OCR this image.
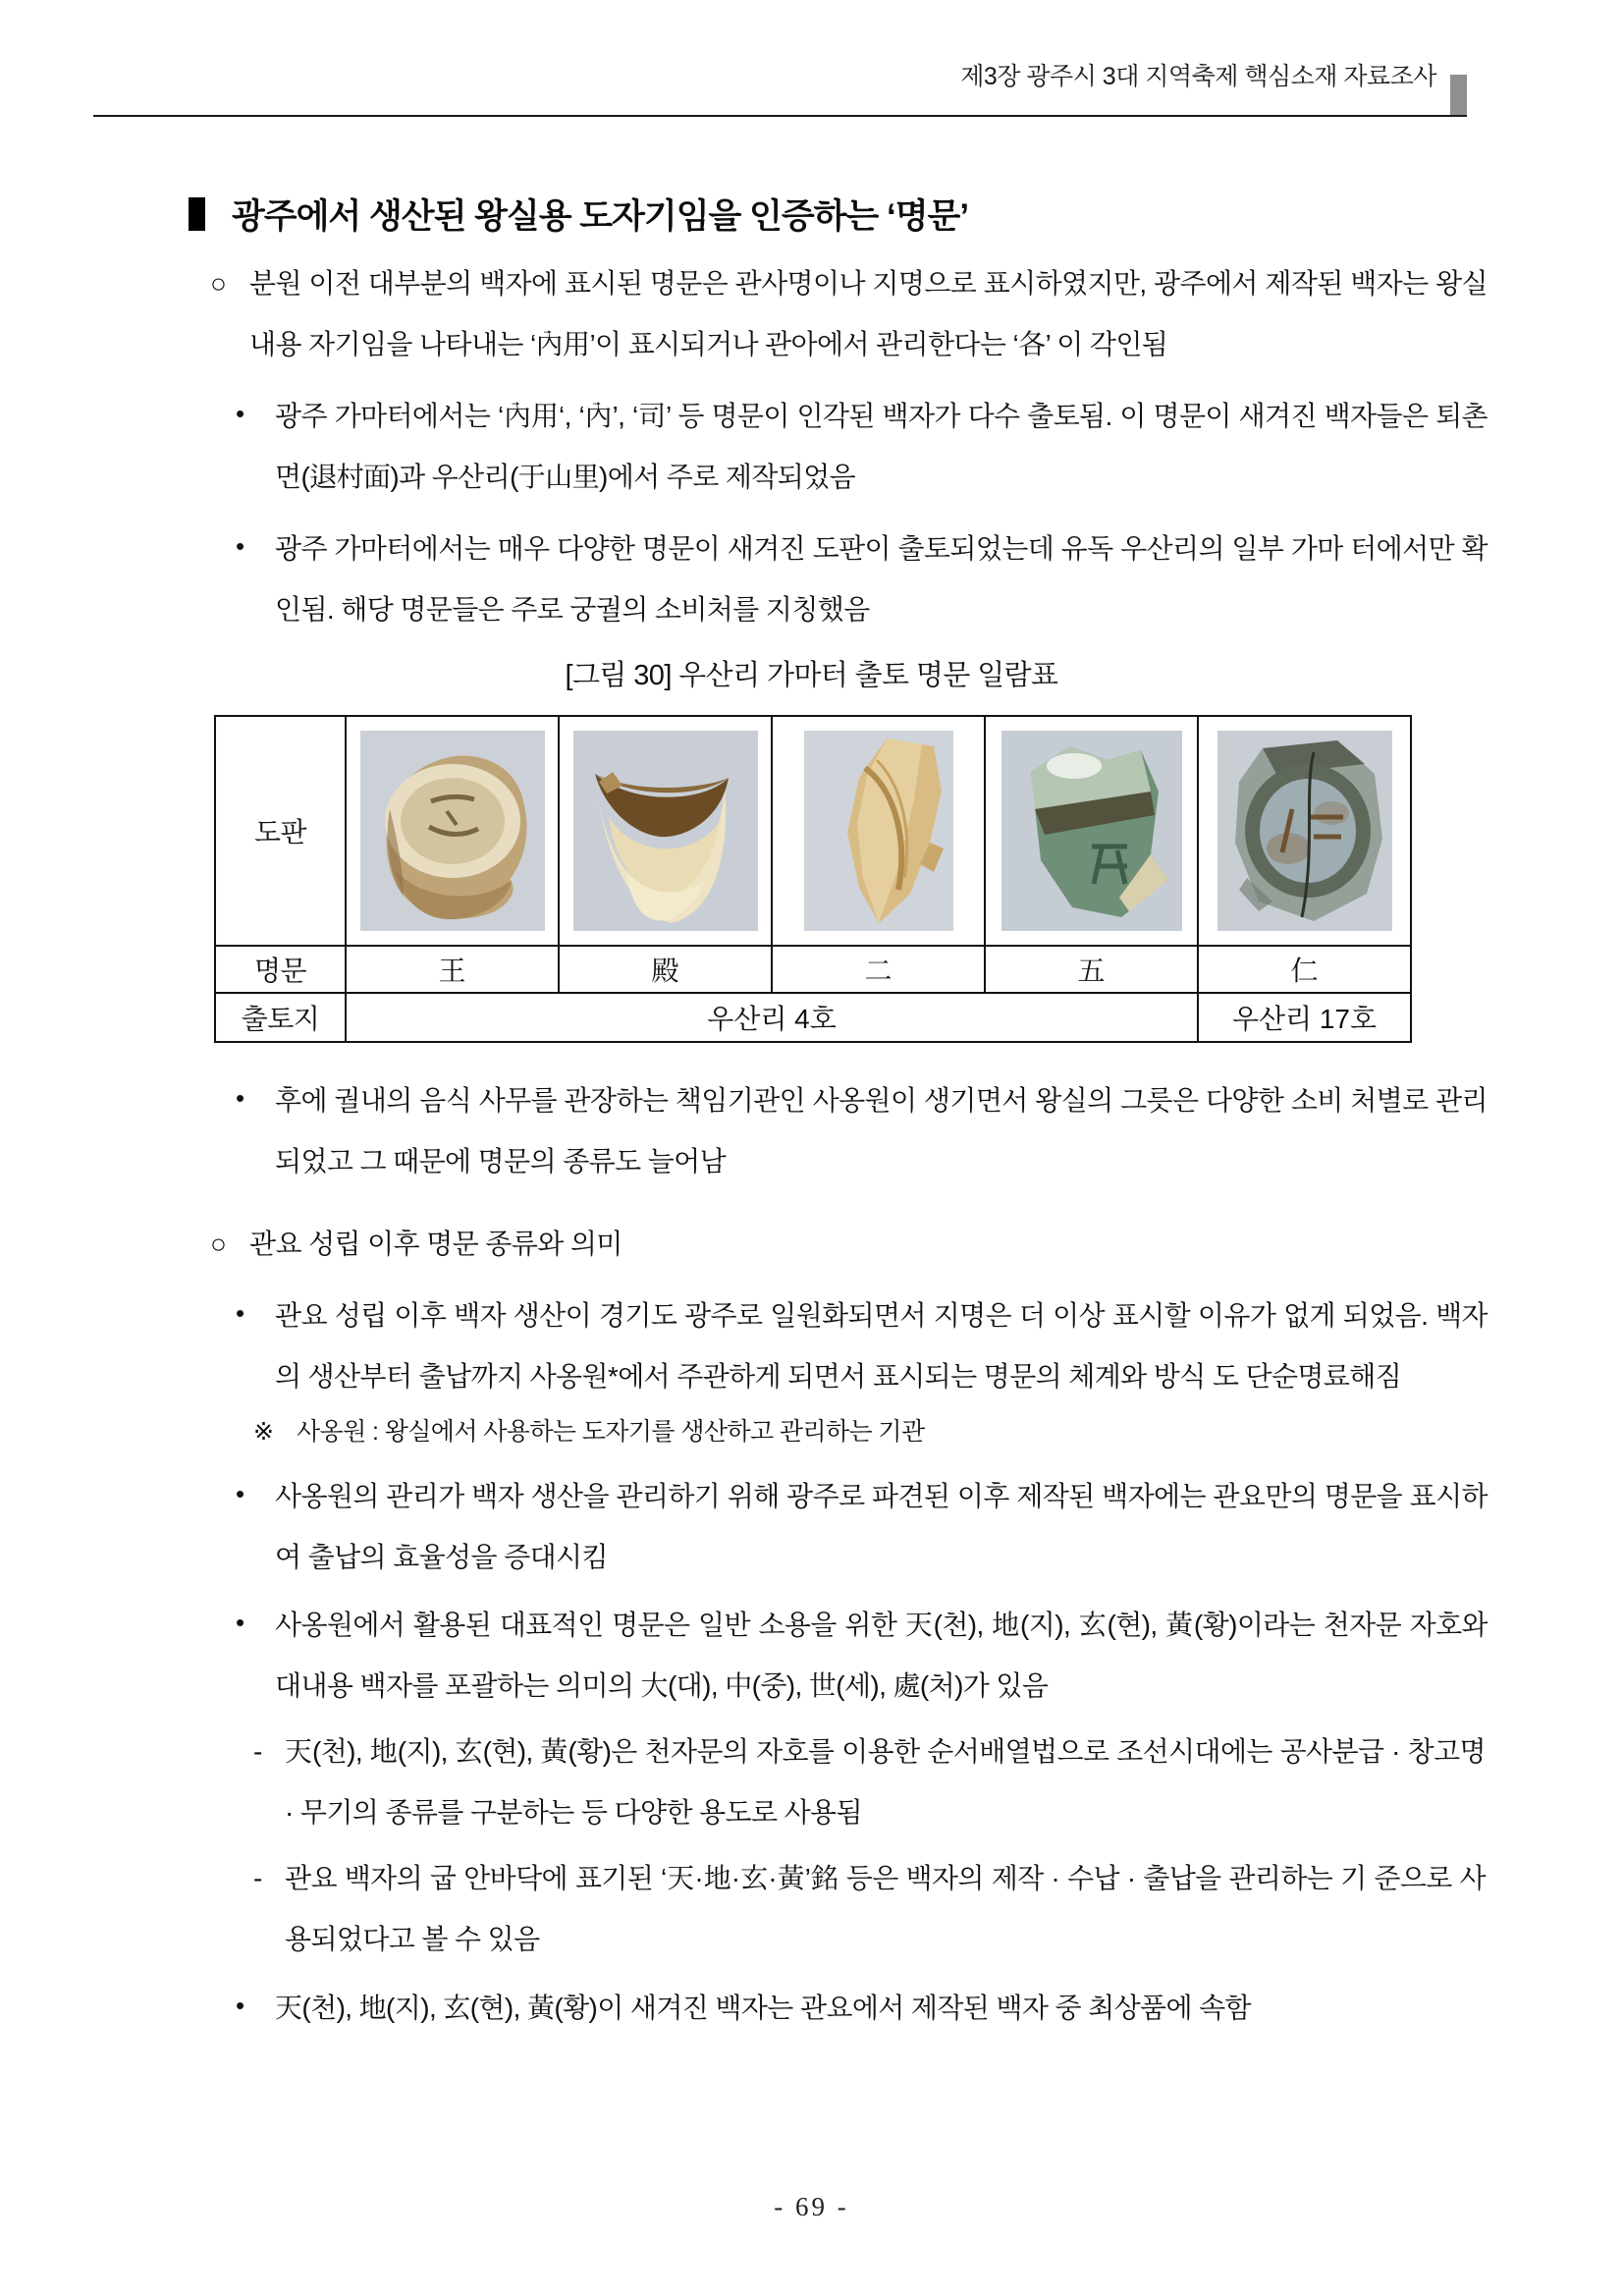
제3장 광주시 3대 지역축제 핵심소재 자료조사
광주에서 생산된 왕실용 도자기임을 인증하는 ‘명문’
○ 분원 이전 대부분의 백자에 표시된 명문은 관사명이나 지명으로 표시하였지만, 광주에서 제작된 백자는 왕실 내용 자기임을 나타내는 ‘內用’이 표시되거나 관아에서 관리한다는 ‘各’ 이 각인됨
•	광주 가마터에서는 ‘內用‘, ‘內’, ‘司’ 등 명문이 인각된 백자가 다수 출토됨. 이 명문이 새겨진 백자들은 퇴촌면(退村面)과 우산리(于山里)에서 주로 제작되었음
•	광주 가마터에서는 매우 다양한 명문이 새겨진 도판이 출토되었는데 유독 우산리의 일부 가마 터에서만 확인됨. 해당 명문들은 주로 궁궐의 소비처를 지칭했음
[그림 30] 우산리 가마터 출토 명문 일람표
도판	

명문	王	殿	二	五	仁
출토지	우산리 4호				우산리 17호
•	후에 궐내의 음식 사무를 관장하는 책임기관인 사옹원이 생기면서 왕실의 그릇은 다양한 소비 처별로 관리되었고 그 때문에 명문의 종류도 늘어남
○ 관요 성립 이후 명문 종류와 의미
•	관요 성립 이후 백자 생산이 경기도 광주로 일원화되면서 지명은 더 이상 표시할 이유가 없게 되었음. 백자의 생산부터 출납까지 사옹원*에서 주관하게 되면서 표시되는 명문의 체계와 방식 도 단순명료해짐
※ 사옹원 : 왕실에서 사용하는 도자기를 생산하고 관리하는 기관
•	사옹원의 관리가 백자 생산을 관리하기 위해 광주로 파견된 이후 제작된 백자에는 관요만의 명문을 표시하여 출납의 효율성을 증대시킴
•	사옹원에서 활용된 대표적인 명문은 일반 소용을 위한 天(천), 地(지), 玄(현), 黃(황)이라는 천자문 자호와 대내용 백자를 포괄하는 의미의 大(대), 中(중), 世(세), 處(처)가 있음
- 天(천), 地(지), 玄(현), 黃(황)은 천자문의 자호를 이용한 순서배열법으로 조선시대에는 공사분급 · 창고명 · 무기의 종류를 구분하는 등 다양한 용도로 사용됨
- 관요 백자의 굽 안바닥에 표기된 ‘天·地·玄·黃’銘 등은 백자의 제작 · 수납 · 출납을 관리하는 기 준으로 사용되었다고 볼 수 있음
•	天(천), 地(지), 玄(현), 黃(황)이 새겨진 백자는 관요에서 제작된 백자 중 최상품에 속함
- 69 -
